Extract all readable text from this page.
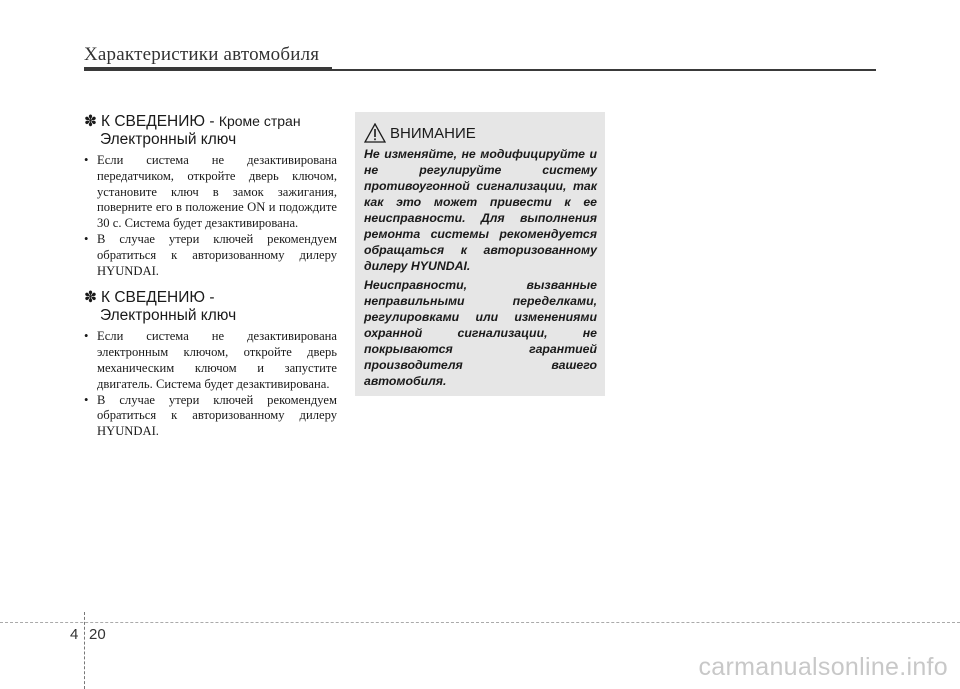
Характеристики автомобиля
✽ К СВЕДЕНИЮ - Кроме стран
Электронный ключ
• Если система не дезактивирована передатчиком, откройте дверь ключом, установите ключ в замок зажигания, поверните его в положение ON и подождите 30 с. Система будет дезактивирована.
• В случае утери ключей рекомендуем обратиться к авторизованному дилеру HYUNDAI.
✽ К СВЕДЕНИЮ -
Электронный ключ
• Если система не дезактивирована электронным ключом, откройте дверь механическим ключом и запустите двигатель. Система будет дезактивирована.
• В случае утери ключей рекомендуем обратиться к авторизованному дилеру HYUNDAI.
ВНИМАНИЕ

Не изменяйте, не модифицируйте и не регулируйте систему противоугонной сигнализации, так как это может привести к ее неисправности. Для выполнения ремонта системы рекомендуется обращаться к авторизованному дилеру HYUNDAI.

Неисправности, вызванные неправильными переделками, регулировками или изменениями охранной сигнализации, не покрываются гарантией производителя вашего автомобиля.

4 20
carmanualsonline.info
